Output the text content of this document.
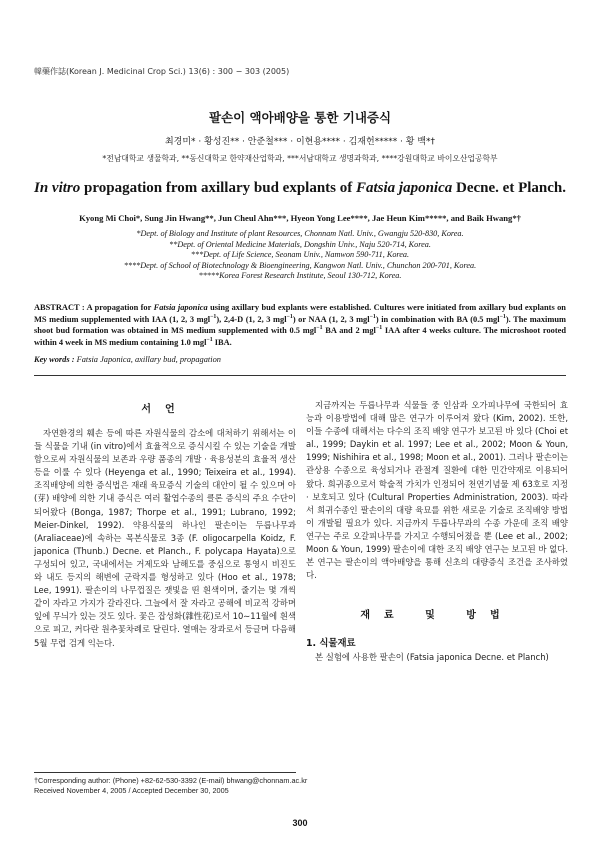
韓藥作誌(Korean J. Medicinal Crop Sci.) 13(6) : 300 − 303 (2005)
팔손이 액아배양을 통한 기내증식
최경미* · 황성진** · 안준철*** · 이현용**** · 김재헌***** · 황 백*†
*전남대학교 생물학과, **동신대학교 한약재산업학과, ***서남대학교 생명과학과, ****강원대학교 바이오산업공학부
In vitro propagation from axillary bud explants of Fatsia japonica Decne. et Planch.
Kyong Mi Choi*, Sung Jin Hwang**, Jun Cheul Ahn***, Hyeon Yong Lee****, Jae Heun Kim*****, and Baik Hwang*†
*Dept. of Biology and Institute of plant Resources, Chonnam Natl. Univ., Gwangju 520-830, Korea.
**Dept. of Oriental Medicine Materials, Dongshin Univ., Naju 520-714, Korea.
***Dept. of Life Science, Seonam Univ., Namwon 590-711, Korea.
****Dept. of School of Biotechnology & Bioengineering, Kangwon Natl. Univ., Chunchon 200-701, Korea.
*****Korea Forest Research Institute, Seoul 130-712, Korea.
ABSTRACT : A propagation for Fatsia japonica using axillary bud explants were established. Cultures were initiated from axillary bud explants on MS medium supplemented with IAA (1, 2, 3 mgl$^{-1}$), 2,4-D (1, 2, 3 mgl$^{-1}$) or NAA (1, 2, 3 mgl$^{-1}$) in combination with BA (0.5 mgl$^{-1}$). The maximum shoot bud formation was obtained in MS medium supplemented with 0.5 mgl$^{-1}$ BA and 2 mgl$^{-1}$ IAA after 4 weeks culture. The microshoot rooted within 4 week in MS medium containing 1.0 mgl$^{-1}$ IBA.
Key words : Fatsia Japonica, axillary bud, propagation
서언

자연환경의 훼손 등에 따른 자원식물의 감소에 대처하기 위해서는 이들 식물을 기내 (in vitro)에서 효율적으로 증식시킬 수 있는 기술을 개발함으로써 자원식물의 보존과 우량 품종의 개발 · 육용성분의 효율적 생산 등을 이룰 수 있다 (Heyenga et al., 1990; Teixeira et al., 1994). 조직배양에 의한 증식법은 재래 육묘증식 기술의 대안이 될 수 있으며 아(芽) 배양에 의한 기내 증식은 여러 활엽수종의 클론 증식의 주요 수단이 되어왔다 (Bonga, 1987; Thorpe et al., 1991; Lubrano, 1992; Meier-Dinkel, 1992). 약용식물의 하나인 팔손이는 두릅나무과 (Araliaceae)에 속하는 목본식물로 3종 (F. oligocarpella Koidz, F. japonica (Thunb.) Decne. et Planch., F. polycapa Hayata)으로 구성되어 있고, 국내에서는 거제도와 남해도를 중심으로 통영시 비진도와 내도 등지의 해변에 군락지를 형성하고 있다 (Hoo et al., 1978; Lee, 1991). 팔손이의 나무껍질은 잿빛을 띤 흰색이며, 줄기는 몇 개씩 같이 자라고 가지가 갈라진다. 그늘에서 잘 자라고 공해에 비교적 강하며 잎에 무늬가 있는 것도 있다. 꽃은 잡성화(雜性花)로서 10∼11월에 흰색으로 피고, 커다란 원추꽃차례로 달린다. 열매는 장과로서 등글며 다음해 5월 무렵 검게 익는다.

지금까지는 두릅나무과 식물들 중 인삼과 오가피나무에 국한되어 효능과 이용방법에 대해 많은 연구가 이루어져 왔다 (Kim, 2002). 또한, 이들 수종에 대해서는 다수의 조직 배양 연구가 보고된 바 있다 (Choi et al., 1999; Daykin et al. 1997; Lee et al., 2002; Moon & Youn, 1999; Nishihira et al., 1998; Moon et al., 2001). 그러나 팔손이는 관상용 수종으로 육성되거나 관절계 질환에 대한 민간약재로 이용되어 왔다. 희귀종으로서 학술적 가치가 인정되어 천연기념물 제 63호로 지정 · 보호되고 있다 (Cultural Properties Administration, 2003). 따라서 희귀수종인 팔손이의 대량 육묘를 위한 새로운 기술로 조직배양 방법이 개발될 필요가 있다. 지금까지 두릅나무과의 수종 가운데 조직 배양 연구는 주로 오갈피나무를 가지고 수행되어졌을 뿐 (Lee et al., 2002; Moon & Youn, 1999) 팔손이에 대한 조직 배양 연구는 보고된 바 없다. 본 연구는 팔손이의 액아배양을 통해 신초의 대량증식 조건을 조사하였다.

재료 및 방법
1. 식물재료

본 실험에 사용한 팔손이 (Fatsia japonica Decne. et Planch)

†Corresponding author: (Phone) +82-62-530-3392 (E-mail) bhwang@chonnam.ac.kr
Received November 4, 2005 / Accepted December 30, 2005
300
